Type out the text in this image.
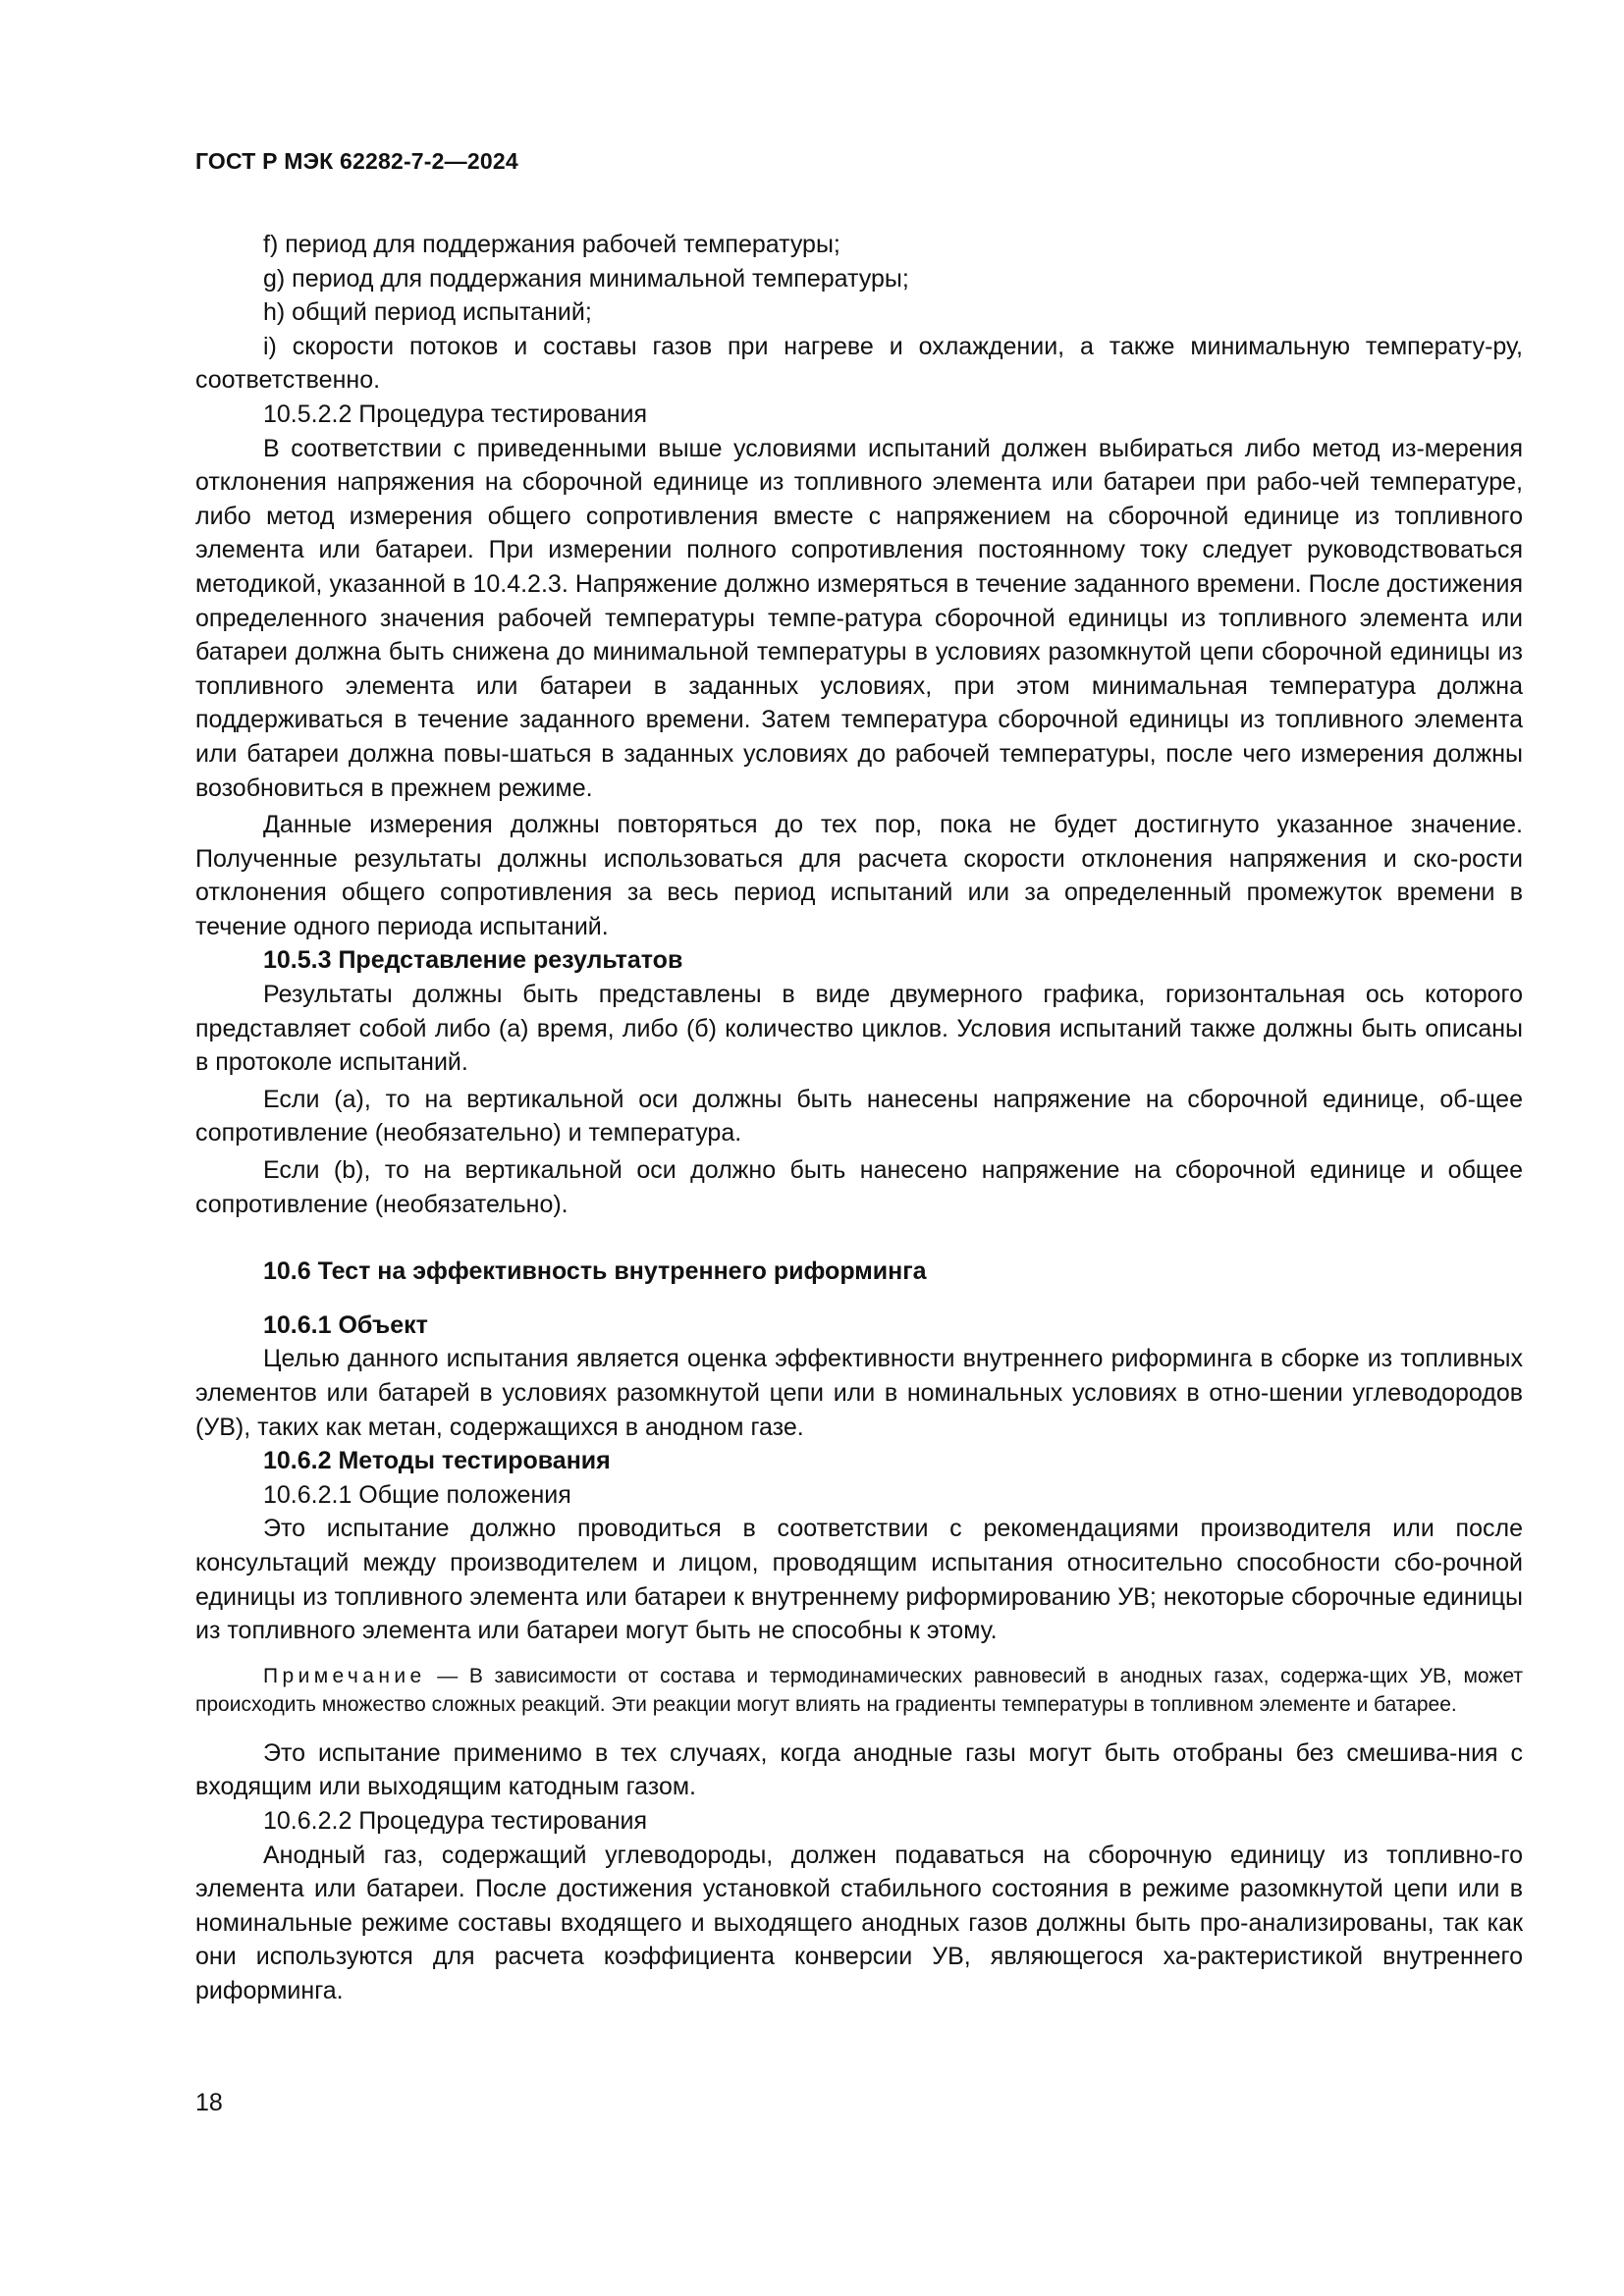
ГОСТ Р МЭК 62282-7-2—2024

f) период для поддержания рабочей температуры;

g) период для поддержания минимальной температуры;

h) общий период испытаний;

i) скорости потоков и составы газов при нагреве и охлаждении, а также минимальную температу-ру, соответственно.

10.5.2.2 Процедура тестирования

В соответствии с приведенными выше условиями испытаний должен выбираться либо метод из-мерения отклонения напряжения на сборочной единице из топливного элемента или батареи при рабо-чей температуре, либо метод измерения общего сопротивления вместе с напряжением на сборочной единице из топливного элемента или батареи. При измерении полного сопротивления постоянному току следует руководствоваться методикой, указанной в 10.4.2.3. Напряжение должно измеряться в течение заданного времени. После достижения определенного значения рабочей температуры темпе-ратура сборочной единицы из топливного элемента или батареи должна быть снижена до минимальной температуры в условиях разомкнутой цепи сборочной единицы из топливного элемента или батареи в заданных условиях, при этом минимальная температура должна поддерживаться в течение заданного времени. Затем температура сборочной единицы из топливного элемента или батареи должна повы-шаться в заданных условиях до рабочей температуры, после чего измерения должны возобновиться в прежнем режиме.

Данные измерения должны повторяться до тех пор, пока не будет достигнуто указанное значение. Полученные результаты должны использоваться для расчета скорости отклонения напряжения и ско-рости отклонения общего сопротивления за весь период испытаний или за определенный промежуток времени в течение одного периода испытаний.

10.5.3 Представление результатов

Результаты должны быть представлены в виде двумерного графика, горизонтальная ось которого представляет собой либо (а) время, либо (б) количество циклов. Условия испытаний также должны быть описаны в протоколе испытаний.

Если (а), то на вертикальной оси должны быть нанесены напряжение на сборочной единице, об-щее сопротивление (необязательно) и температура.

Если (b), то на вертикальной оси должно быть нанесено напряжение на сборочной единице и общее сопротивление (необязательно).

10.6 Тест на эффективность внутреннего риформинга

10.6.1 Объект

Целью данного испытания является оценка эффективности внутреннего риформинга в сборке из топливных элементов или батарей в условиях разомкнутой цепи или в номинальных условиях в отно-шении углеводородов (УВ), таких как метан, содержащихся в анодном газе.

10.6.2 Методы тестирования

10.6.2.1 Общие положения

Это испытание должно проводиться в соответствии с рекомендациями производителя или после консультаций между производителем и лицом, проводящим испытания относительно способности сбо-рочной единицы из топливного элемента или батареи к внутреннему риформированию УВ; некоторые сборочные единицы из топливного элемента или батареи могут быть не способны к этому.

Примечание — В зависимости от состава и термодинамических равновесий в анодных газах, содержа-щих УВ, может происходить множество сложных реакций. Эти реакции могут влиять на градиенты температуры в топливном элементе и батарее.

Это испытание применимо в тех случаях, когда анодные газы могут быть отобраны без смешива-ния с входящим или выходящим катодным газом.

10.6.2.2 Процедура тестирования

Анодный газ, содержащий углеводороды, должен подаваться на сборочную единицу из топливно-го элемента или батареи. После достижения установкой стабильного состояния в режиме разомкнутой цепи или в номинальные режиме составы входящего и выходящего анодных газов должны быть про-анализированы, так как они используются для расчета коэффициента конверсии УВ, являющегося ха-рактеристикой внутреннего риформинга.

18
